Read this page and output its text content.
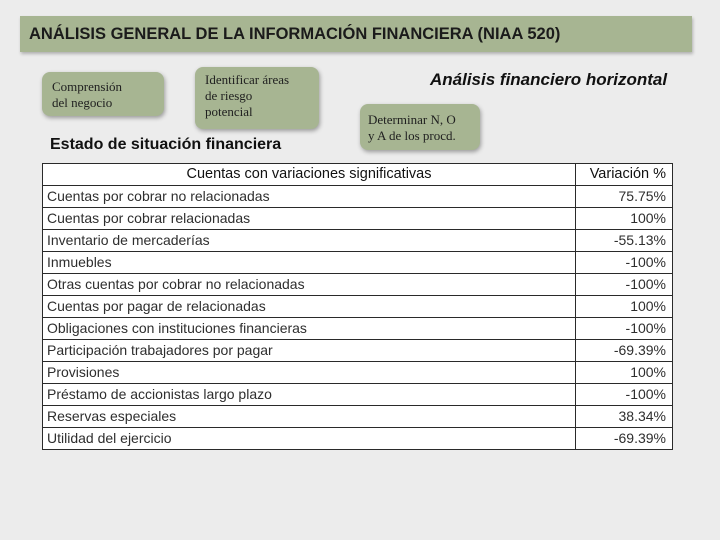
ANÁLISIS GENERAL DE LA INFORMACIÓN FINANCIERA (NIAA 520)
Comprensión
del negocio
Identificar áreas
de riesgo
potencial
Determinar N, O
y A de los procd.
Análisis financiero horizontal
Estado de situación financiera
Cuentas con variaciones significativas	Variación %
Cuentas por cobrar no relacionadas	75.75%
Cuentas por cobrar relacionadas	100%
Inventario de mercaderías	-55.13%
Inmuebles	-100%
Otras cuentas por cobrar no relacionadas	-100%
Cuentas por pagar de relacionadas	100%
Obligaciones con instituciones financieras	-100%
Participación trabajadores por pagar	-69.39%
Provisiones	100%
Préstamo de accionistas largo plazo	-100%
Reservas especiales	38.34%
Utilidad del ejercicio	-69.39%
